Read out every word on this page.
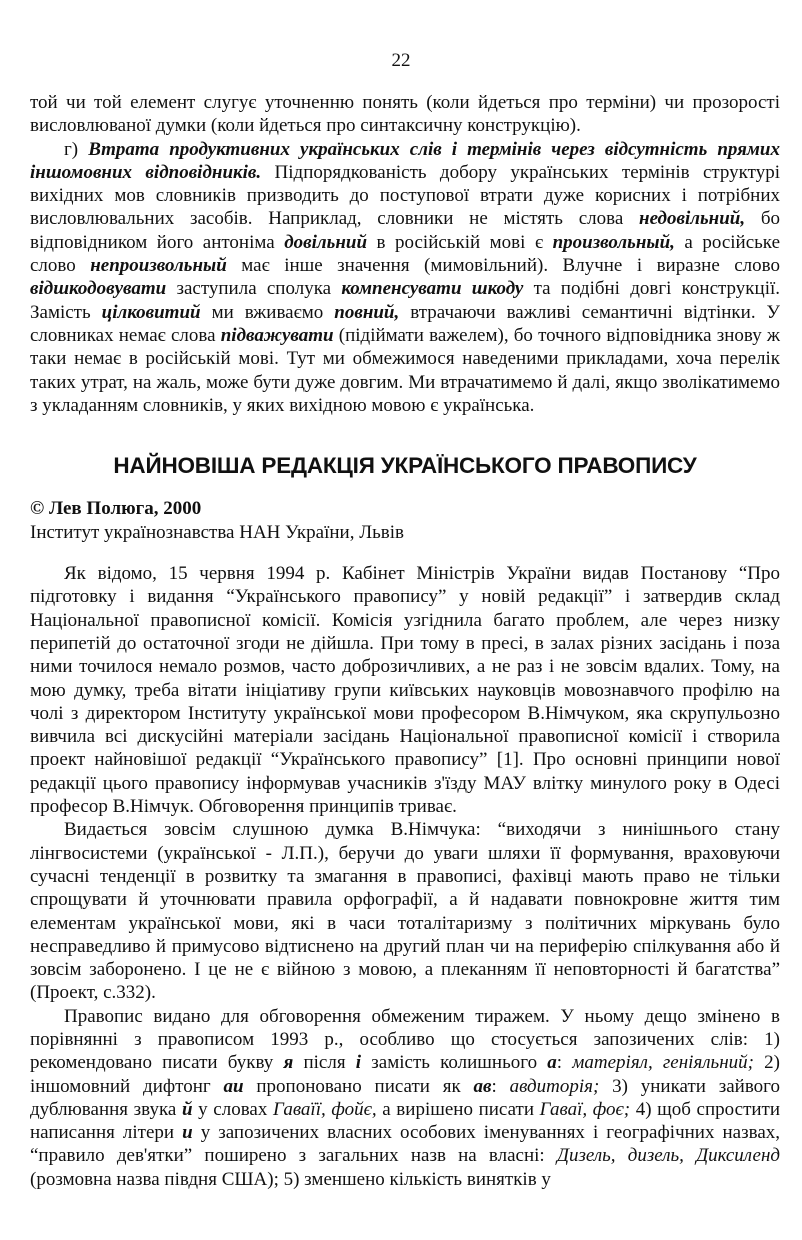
22

той чи той елемент слугує уточненню понять (коли йдеться про терміни) чи прозорості висловлюваної думки (коли йдеться про синтаксичну конструкцію).

г) Втрата продуктивних українських слів і термінів через відсутність прямих іншомовних відповідників. Підпорядкованість добору українських термінів структурі вихідних мов словників призводить до поступової втрати дуже корисних і потрібних висловлювальних засобів. Наприклад, словники не містять слова недовільний, бо відповідником його антоніма довільний в російській мові є произвольный, а російське слово непроизвольный має інше значення (мимовільний). Влучне і виразне слово відшкодовувати заступила сполука компенсувати шкоду та подібні довгі конструкції. Замість цілковитий ми вживаємо повний, втрачаючи важливі семантичні відтінки. У словниках немає слова підважувати (підіймати важелем), бо точного відповідника знову ж таки немає в російській мові. Тут ми обмежимося наведеними прикладами, хоча перелік таких утрат, на жаль, може бути дуже довгим. Ми втрачатимемо й далі, якщо зволікатимемо з укладанням словників, у яких вихідною мовою є українська.

НАЙНОВІША РЕДАКЦІЯ УКРАЇНСЬКОГО ПРАВОПИСУ

© Лев Полюга, 2000

Інститут українознавства НАН України, Львів

Як відомо, 15 червня 1994 р. Кабінет Міністрів України видав Постанову “Про підготовку і видання “Українського правопису” у новій редакції” і затвердив склад Національної правописної комісії. Комісія узгіднила багато проблем, але через низку перипетій до остаточної згоди не дійшла. При тому в пресі, в залах різних засідань і поза ними точилося немало розмов, часто доброзичливих, а не раз і не зовсім вдалих. Тому, на мою думку, треба вітати ініціативу групи київських науковців мовознавчого профілю на чолі з директором Інституту української мови професором В.Німчуком, яка скрупульозно вивчила всі дискусійні матеріали засідань Національної правописної комісії і створила проект найновішої редакції “Українського правопису” [1]. Про основні принципи нової редакції цього правопису інформував учасників з'їзду МАУ влітку минулого року в Одесі професор В.Німчук. Обговорення принципів триває.

Видається зовсім слушною думка В.Німчука: “виходячи з нинішнього стану лінгвосистеми (української - Л.П.), беручи до уваги шляхи її формування, враховуючи сучасні тенденції в розвитку та змагання в правописі, фахівці мають право не тільки спрощувати й уточнювати правила орфографії, а й надавати повнокровне життя тим елементам української мови, які в часи тоталітаризму з політичних міркувань було несправедливо й примусово відтиснено на другий план чи на периферію спілкування або й зовсім заборонено. І це не є війною з мовою, а плеканням її неповторності й багатства” (Проект, с.332).

Правопис видано для обговорення обмеженим тиражем. У ньому дещо змінено в порівнянні з правописом 1993 р., особливо що стосується запозичених слів: 1) рекомендовано писати букву я після і замість колишнього а: матеріял, геніяльний; 2) іншомовний дифтонг аи пропоновано писати як ав: авдиторія; 3) уникати зайвого дублювання звука й у словах Гаваїї, фойє, а вирішено писати Гаваї, фоє; 4) щоб спростити написання літери и у запозичених власних особових іменуваннях і географічних назвах, “правило дев'ятки” поширено з загальних назв на власні: Дизель, дизель, Диксиленд (розмовна назва півдня США); 5) зменшено кількість винятків у
